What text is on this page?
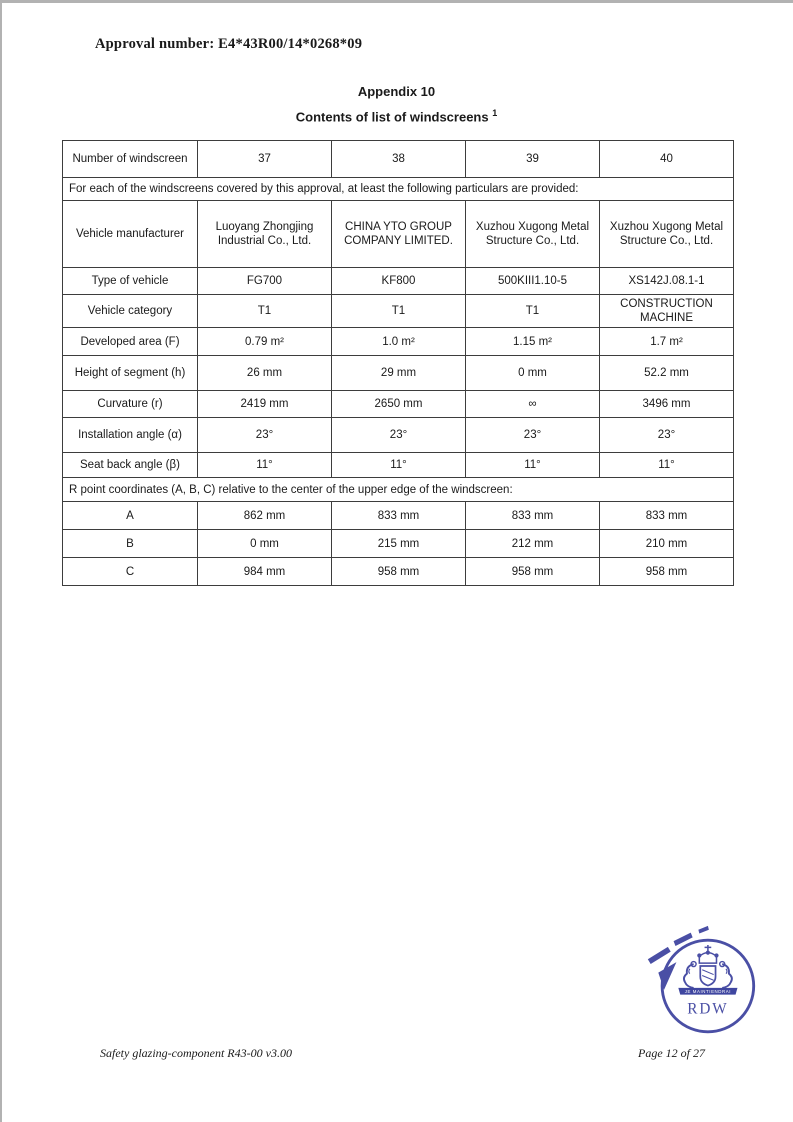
Approval number: E4*43R00/14*0268*09
Appendix 10
Contents of list of windscreens $^1$
Number of windscreen	37	38	39	40
For each of the windscreens covered by this approval, at least the following particulars are provided:				
Vehicle manufacturer	Luoyang Zhongjing Industrial Co., Ltd.	CHINA YTO GROUP COMPANY LIMITED.	Xuzhou Xugong Metal Structure Co., Ltd.	Xuzhou Xugong Metal Structure Co., Ltd.
Type of vehicle	FG700	KF800	500KIII1.10-5	XS142J.08.1-1
Vehicle category	T1	T1	T1	CONSTRUCTION MACHINE
Developed area (F)	0.79 m²	1.0 m²	1.15 m²	1.7 m²
Height of segment (h)	26 mm	29 mm	0 mm	52.2 mm
Curvature (r)	2419 mm	2650 mm	∞	3496 mm
Installation angle (α)	23°	23°	23°	23°
Seat back angle (β)	11°	11°	11°	11°
R point coordinates (A, B, C) relative to the center of the upper edge of the windscreen:				
A	862 mm	833 mm	833 mm	833 mm
B	0 mm	215 mm	212 mm	210 mm
C	984 mm	958 mm	958 mm	958 mm
JE MAINTIENDRAI
RDW
Safety glazing-component R43-00 v3.00	Page 12 of 27
